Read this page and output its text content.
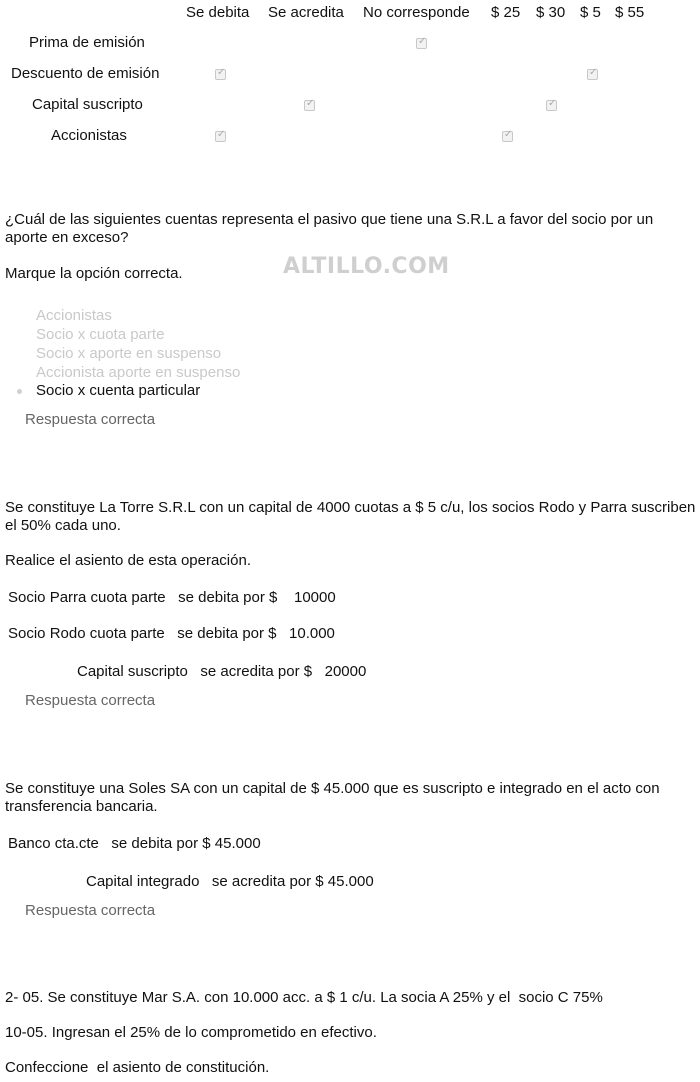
Se debita Se acredita No corresponde $ 25 $ 30 $ 5 $ 55
Prima de emisión
✓
Descuento de emisión
✓
✓
Capital suscripto
✓
✓
Accionistas
✓
✓
¿Cuál de las siguientes cuentas representa el pasivo que tiene una S.R.L a favor del socio por un aporte en exceso?
Marque la opción correcta.	ALTILLO.COM
Accionistas
Socio x cuota parte
Socio x aporte en suspenso
Accionista aporte en suspenso
Socio x cuenta particular
Respuesta correcta
Se constituye La Torre S.R.L con un capital de 4000 cuotas a $ 5 c/u, los socios Rodo y Parra suscriben el 50% cada uno.
Realice el asiento de esta operación.
Socio Parra cuota parte   se debita por $    10000
Socio Rodo cuota parte   se debita por $   10.000
Capital suscripto   se acredita por $   20000
Respuesta correcta
Se constituye una Soles SA con un capital de $ 45.000 que es suscripto e integrado en el acto con transferencia bancaria.
Banco cta.cte   se debita por $ 45.000
Capital integrado   se acredita por $ 45.000
Respuesta correcta
2- 05. Se constituye Mar S.A. con 10.000 acc. a $ 1 c/u. La socia A 25% y el  socio C 75%
10-05. Ingresan el 25% de lo comprometido en efectivo.
Confeccione  el asiento de constitución.
